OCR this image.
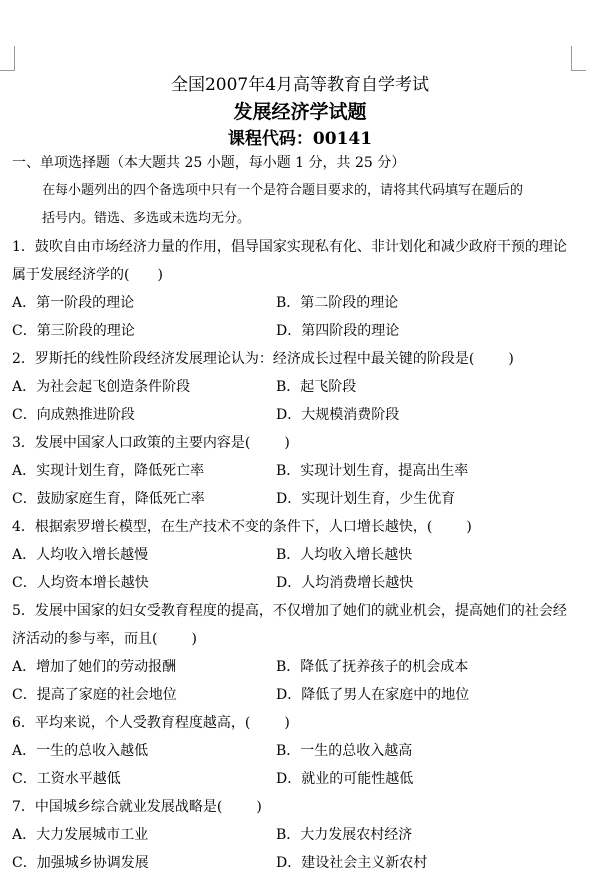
全国2007年4月高等教育自学考试
发展经济学试题
课程代码：00141
一、单项选择题（本大题共 25 小题，每小题 1 分，共 25 分）
在每小题列出的四个备选项中只有一个是符合题目要求的，请将其代码填写在题后的
括号内。错选、多选或未选均无分。
1．鼓吹自由市场经济力量的作用，倡导国家实现私有化、非计划化和减少政府干预的理论
属于发展经济学的( )
A．第一阶段的理论	B．第二阶段的理论
C．第三阶段的理论	D．第四阶段的理论
2．罗斯托的线性阶段经济发展理论认为：经济成长过程中最关键的阶段是( )
A．为社会起飞创造条件阶段	B．起飞阶段
C．向成熟推进阶段	D．大规模消费阶段
3．发展中国家人口政策的主要内容是( )
A．实现计划生育，降低死亡率	B．实现计划生育，提高出生率
C．鼓励家庭生育，降低死亡率	D．实现计划生育，少生优育
4．根据索罗增长模型，在生产技术不变的条件下，人口增长越快，( )
A．人均收入增长越慢	B．人均收入增长越快
C．人均资本增长越快	D．人均消费增长越快
5．发展中国家的妇女受教育程度的提高，不仅增加了她们的就业机会，提高她们的社会经
济活动的参与率，而且( )
A．增加了她们的劳动报酬	B．降低了抚养孩子的机会成本
C．提高了家庭的社会地位	D．降低了男人在家庭中的地位
6．平均来说，个人受教育程度越高，( )
A．一生的总收入越低	B．一生的总收入越高
C．工资水平越低	D．就业的可能性越低
7．中国城乡综合就业发展战略是( )
A．大力发展城市工业	B．大力发展农村经济
C．加强城乡协调发展	D．建设社会主义新农村
